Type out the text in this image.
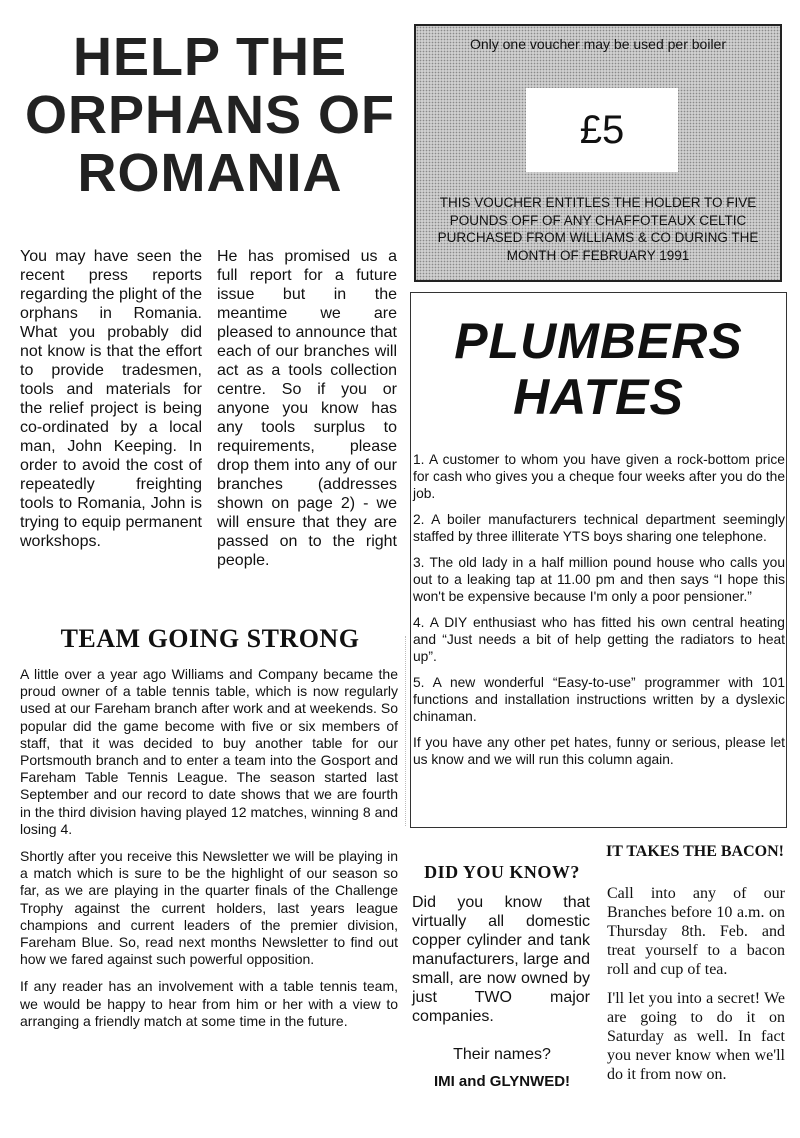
HELP THE ORPHANS OF ROMANIA
You may have seen the recent press reports regarding the plight of the orphans in Romania. What you probably did not know is that the effort to provide tradesmen, tools and materials for the relief project is being co-ordinated by a local man, John Keeping. In order to avoid the cost of repeatedly freighting tools to Romania, John is trying to equip permanent workshops.
He has promised us a full report for a future issue but in the meantime we are pleased to announce that each of our branches will act as a tools collection centre. So if you or anyone you know has any tools surplus to requirements, please drop them into any of our branches (addresses shown on page 2) - we will ensure that they are passed on to the right people.
TEAM GOING STRONG

A little over a year ago Williams and Company became the proud owner of a table tennis table, which is now regularly used at our Fareham branch after work and at weekends. So popular did the game become with five or six members of staff, that it was decided to buy another table for our Portsmouth branch and to enter a team into the Gosport and Fareham Table Tennis League. The season started last September and our record to date shows that we are fourth in the third division having played 12 matches, winning 8 and losing 4.

Shortly after you receive this Newsletter we will be playing in a match which is sure to be the highlight of our season so far, as we are playing in the quarter finals of the Challenge Trophy against the current holders, last years league champions and current leaders of the premier division, Fareham Blue. So, read next months Newsletter to find out how we fared against such powerful opposition.

If any reader has an involvement with a table tennis team, we would be happy to hear from him or her with a view to arranging a friendly match at some time in the future.

Only one voucher may be used per boiler
£5
THIS VOUCHER ENTITLES THE HOLDER TO FIVE POUNDS OFF OF ANY CHAFFOTEAUX CELTIC PURCHASED FROM WILLIAMS & CO DURING THE MONTH OF FEBRUARY 1991
PLUMBERS
HATES

1. A customer to whom you have given a rock-bottom price for cash who gives you a cheque four weeks after you do the job.

2. A boiler manufacturers technical department seemingly staffed by three illiterate YTS boys sharing one telephone.

3. The old lady in a half million pound house who calls you out to a leaking tap at 11.00 pm and then says “I hope this won't be expensive because I'm only a poor pensioner.”

4. A DIY enthusiast who has fitted his own central heating and “Just needs a bit of help getting the radiators to heat up”.

5. A new wonderful “Easy-to-use” programmer with 101 functions and installation instructions written by a dyslexic chinaman.

If you have any other pet hates, funny or serious, please let us know and we will run this column again.

DID YOU KNOW?
Did you know that virtually all domestic copper cylinder and tank manufacturers, large and small, are now owned by just TWO major companies.
Their names?
IMI and GLYNWED!
IT TAKES THE BACON!

Call into any of our Branches before 10 a.m. on Thursday 8th. Feb. and treat yourself to a bacon roll and cup of tea.

I'll let you into a secret! We are going to do it on Saturday as well. In fact you never know when we'll do it from now on.
